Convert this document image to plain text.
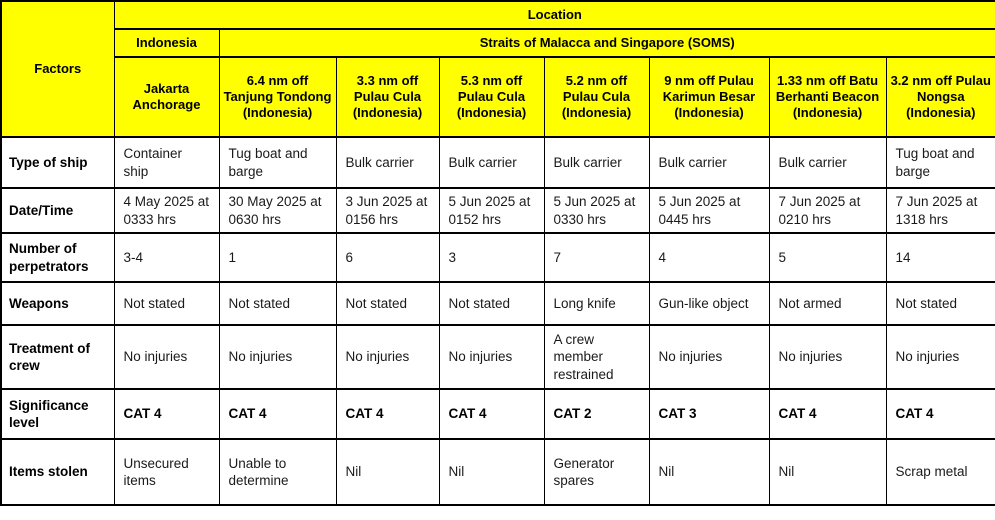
Factors	Location							
	Indonesia	Straits of Malacca and Singapore (SOMS)						
	Jakarta Anchorage	6.4 nm off Tanjung Tondong (Indonesia)	3.3 nm off Pulau Cula (Indonesia)	5.3 nm off Pulau Cula (Indonesia)	5.2 nm off Pulau Cula (Indonesia)	9 nm off Pulau Karimun Besar (Indonesia)	1.33 nm off Batu Berhanti Beacon (Indonesia)	3.2 nm off Pulau Nongsa (Indonesia)
Type of ship	Container ship	Tug boat and barge	Bulk carrier	Bulk carrier	Bulk carrier	Bulk carrier	Bulk carrier	Tug boat and barge
Date/Time	4 May 2025 at 0333 hrs	30 May 2025 at 0630 hrs	3 Jun 2025 at 0156 hrs	5 Jun 2025 at 0152 hrs	5 Jun 2025 at 0330 hrs	5 Jun 2025 at 0445 hrs	7 Jun 2025 at 0210 hrs	7 Jun 2025 at 1318 hrs
Number of perpetrators	3-4	1	6	3	7	4	5	14
Weapons	Not stated	Not stated	Not stated	Not stated	Long knife	Gun-like object	Not armed	Not stated
Treatment of crew	No injuries	No injuries	No injuries	No injuries	A crew member restrained	No injuries	No injuries	No injuries
Significance level	CAT 4	CAT 4	CAT 4	CAT 4	CAT 2	CAT 3	CAT 4	CAT 4
Items stolen	Unsecured items	Unable to determine	Nil	Nil	Generator spares	Nil	Nil	Scrap metal
